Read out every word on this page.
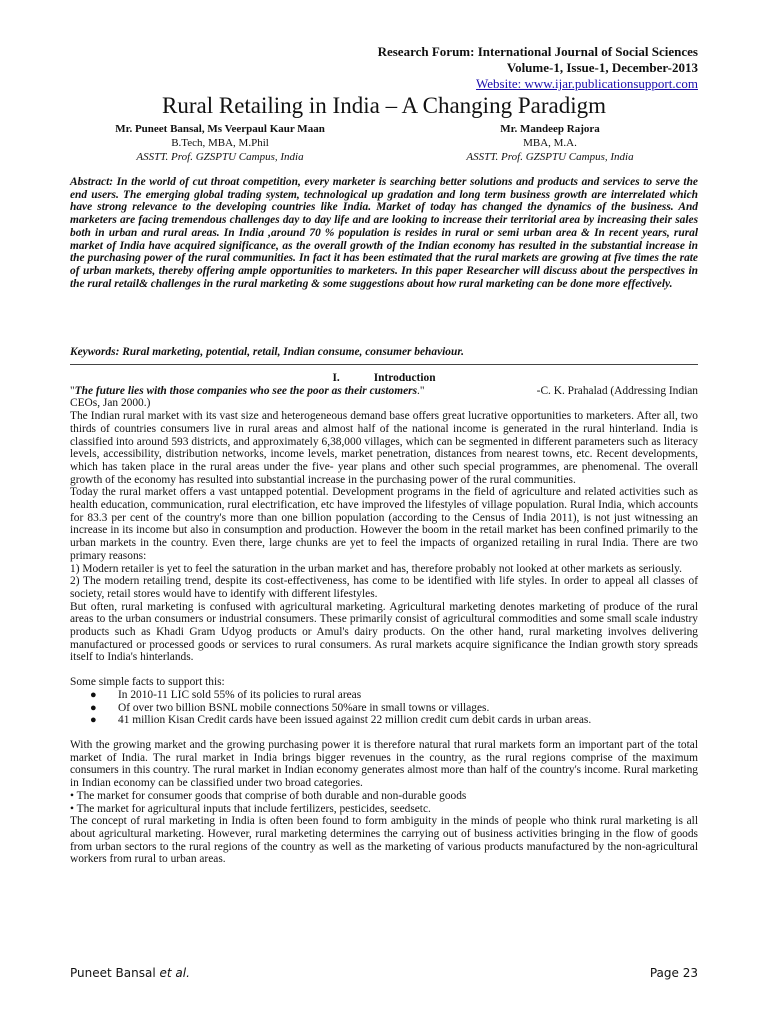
Research Forum: International Journal of Social Sciences
Volume-1, Issue-1, December-2013
Website: www.ijar.publicationsupport.com
Rural Retailing in India – A Changing Paradigm
Mr. Puneet Bansal, Ms Veerpaul Kaur Maan
B.Tech, MBA, M.Phil
ASSTT. Prof. GZSPTU Campus, India
Mr. Mandeep Rajora
MBA, M.A.
ASSTT. Prof. GZSPTU Campus, India
Abstract: In the world of cut throat competition, every marketer is searching better solutions and products and services to serve the end users. The emerging global trading system, technological up gradation and long term business growth are interrelated which have strong relevance to the developing countries like India. Market of today has changed the dynamics of the business. And marketers are facing tremendous challenges day to day life and are looking to increase their territorial area by increasing their sales both in urban and rural areas. In India ,around 70 % population is resides in rural or semi urban area & In recent years, rural market of India have acquired significance, as the overall growth of the Indian economy has resulted in the substantial increase in the purchasing power of the rural communities. In fact it has been estimated that the rural markets are growing at five times the rate of urban markets, thereby offering ample opportunities to marketers. In this paper Researcher will discuss about the perspectives in the rural retail& challenges in the rural marketing & some suggestions about how rural marketing can be done more effectively.
Keywords: Rural marketing, potential, retail, Indian consume, consumer behaviour.
I.	Introduction

"The future lies with those companies who see the poor as their customers."	-C. K. Prahalad (Addressing Indian

CEOs, Jan 2000.)

The Indian rural market with its vast size and heterogeneous demand base offers great lucrative opportunities to marketers. After all, two thirds of countries consumers live in rural areas and almost half of the national income is generated in the rural hinterland. India is classified into around 593 districts, and approximately 6,38,000 villages, which can be segmented in different parameters such as literacy levels, accessibility, distribution networks, income levels, market penetration, distances from nearest towns, etc. Recent developments, which has taken place in the rural areas under the five- year plans and other such special programmes, are phenomenal. The overall growth of the economy has resulted into substantial increase in the purchasing power of the rural communities.

Today the rural market offers a vast untapped potential. Development programs in the field of agriculture and related activities such as health education, communication, rural electrification, etc have improved the lifestyles of village population. Rural India, which accounts for 83.3 per cent of the country's more than one billion population (according to the Census of India 2011), is not just witnessing an increase in its income but also in consumption and production. However the boom in the retail market has been confined primarily to the urban markets in the country. Even there, large chunks are yet to feel the impacts of organized retailing in rural India. There are two primary reasons:

1) Modern retailer is yet to feel the saturation in the urban market and has, therefore probably not looked at other markets as seriously.

2) The modern retailing trend, despite its cost-effectiveness, has come to be identified with life styles. In order to appeal all classes of society, retail stores would have to identify with different lifestyles.

But often, rural marketing is confused with agricultural marketing. Agricultural marketing denotes marketing of produce of the rural areas to the urban consumers or industrial consumers. These primarily consist of agricultural commodities and some small scale industry products such as Khadi Gram Udyog products or Amul's dairy products. On the other hand, rural marketing involves delivering manufactured or processed goods or services to rural consumers. As rural markets acquire significance the Indian growth story spreads itself to India's hinterlands.

Some simple facts to support this:

● In 2010-11 LIC sold 55% of its policies to rural areas
● Of over two billion BSNL mobile connections 50%are in small towns or villages.
● 41 million Kisan Credit cards have been issued against 22 million credit cum debit cards in urban areas.

With the growing market and the growing purchasing power it is therefore natural that rural markets form an important part of the total market of India. The rural market in India brings bigger revenues in the country, as the rural regions comprise of the maximum consumers in this country. The rural market in Indian economy generates almost more than half of the country's income. Rural marketing in Indian economy can be classified under two broad categories.

• The market for consumer goods that comprise of both durable and non-durable goods

• The market for agricultural inputs that include fertilizers, pesticides, seedsetc.

The concept of rural marketing in India is often been found to form ambiguity in the minds of people who think rural marketing is all about agricultural marketing. However, rural marketing determines the carrying out of business activities bringing in the flow of goods from urban sectors to the rural regions of the country as well as the marketing of various products manufactured by the non-agricultural workers from rural to urban areas.

Puneet Bansal et al.	Page 23
